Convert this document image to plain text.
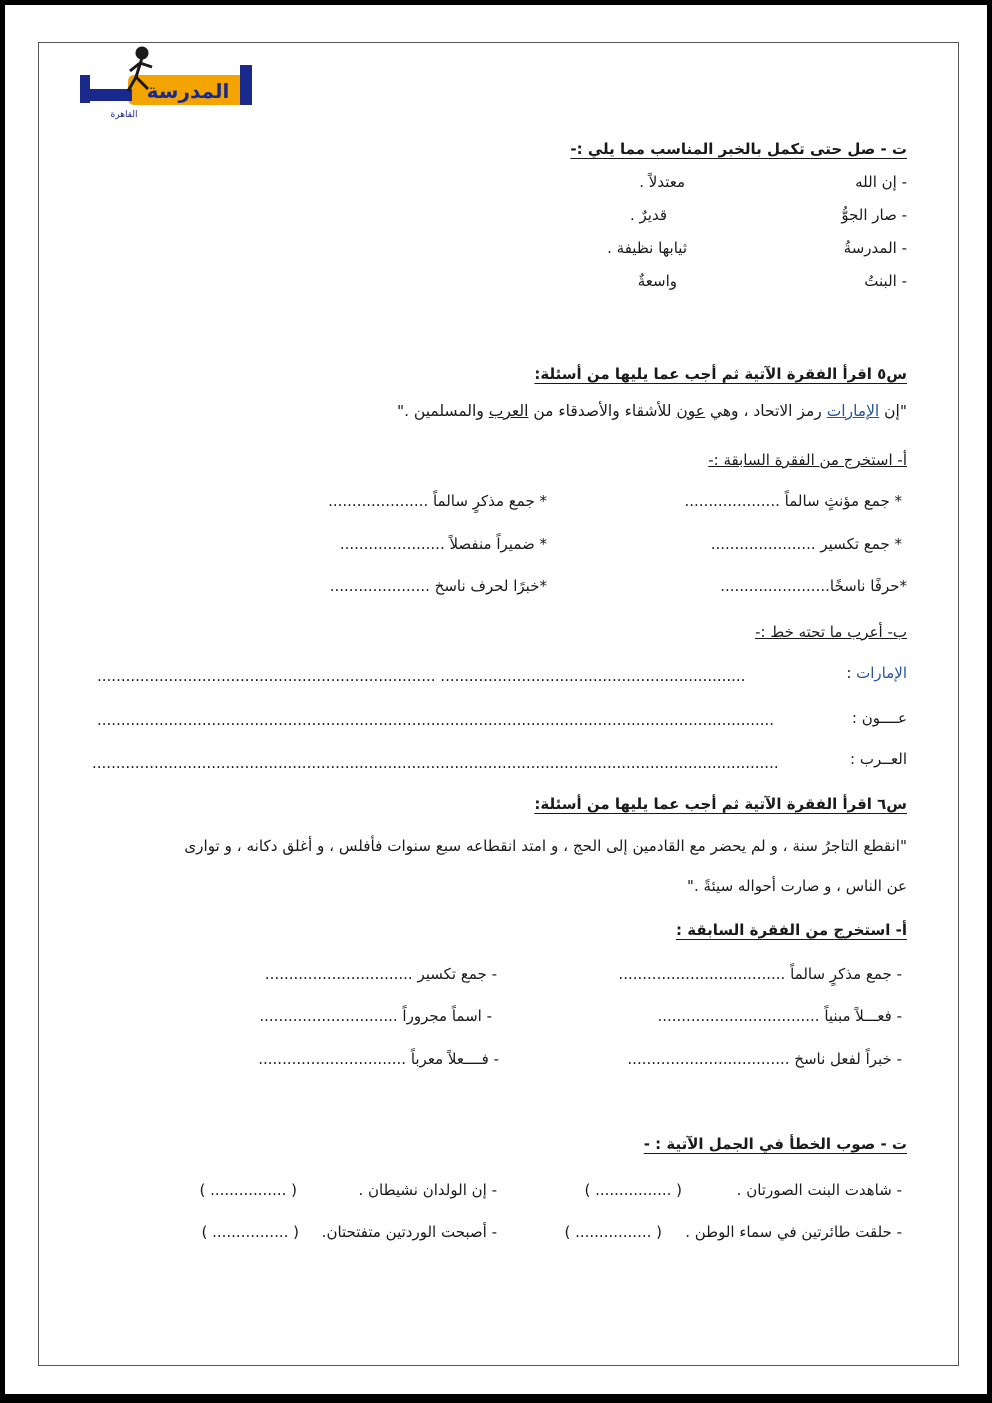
المدرسة
القاهرة
ت - صل حتى تكمل بالخبر المناسب مما يلي :-
- إن الله
- صار الجوُّ
- المدرسةُ
- البنتُ
معتدلاً .
قديرٌ .
ثيابها نظيفة .
واسعةٌ
س٥ اقرأ الفقرة الآتية ثم أجب عما يليها من أسئلة:
"إن الإمارات رمز الاتحاد ، وهي عون للأشقاء والأصدقاء من العرب والمسلمين ."
أ- استخرج من الفقرة السابقة :-
* جمع مؤنثٍ سالماً ....................
* جمع مذكرٍ سالماً .....................
* جمع تكسير ......................
* ضميراً منفصلاً ......................
*حرفًا ناسخًا.......................
*خبرًا لحرف ناسخ .....................
ب- أعرب ما تحته خط :-
الإمارات :
....................................................................... ................................................................
عــــون :
..............................................................................................................................................
العــرب :
................................................................................................................................................
س٦ اقرأ الفقرة الآتية ثم أجب عما يليها من أسئلة:
"انقطع التاجرُ سنة ، و لم يحضر مع القادمين إلى الحج ، و امتد انقطاعه سبع سنوات فأفلس ، و أغلق دكانه ، و توارى
عن الناس ، و صارت أحواله سيئةً ."
أ- استخرج من الفقرة السابقة :
- جمع مذكرٍ سالماً ...................................
- جمع تكسير ...............................
- فعـــلاً مبنياً ..................................
- اسماً مجروراً .............................
- خبراً لفعل ناسخ ..................................
- فــــعلاً معرباً ...............................
ت - صوب الخطأ في الجمل الآتية : -
- شاهدت البنت الصورتان .
( ................ )
- إن الولدان نشيطان .
( ................ )
- حلقت طائرتين في سماء الوطن .
( ................ )
- أصبحت الوردتين متفتحتان.
( ................ )
